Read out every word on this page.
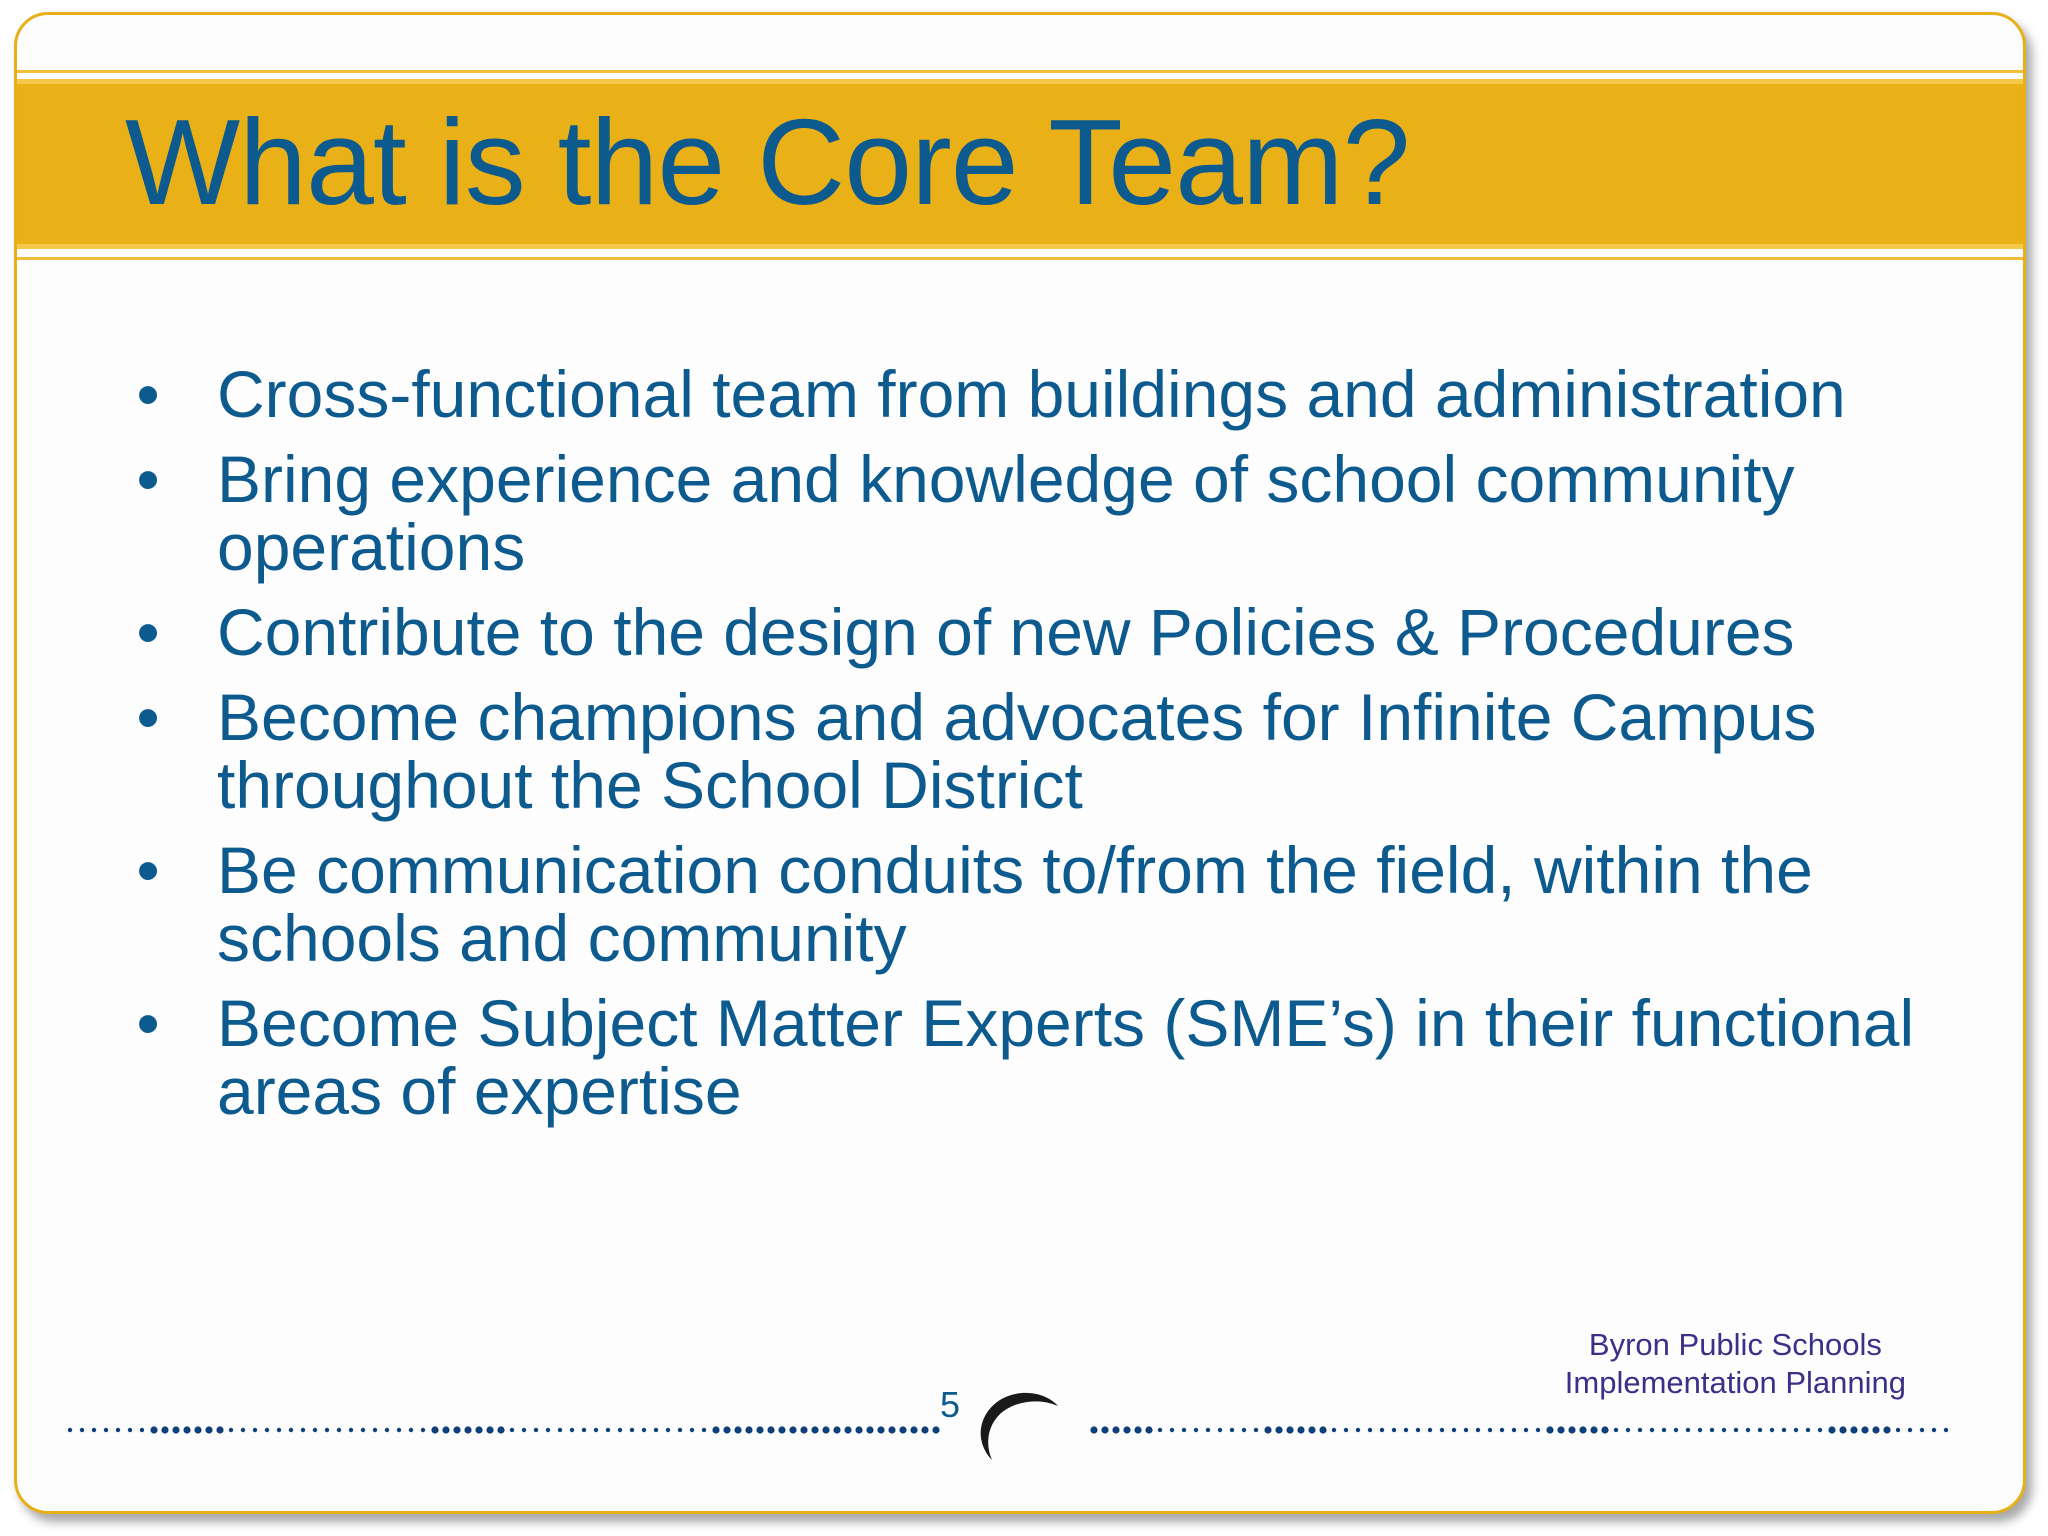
What is the Core Team?
• Cross-functional team from buildings and administration
• Bring experience and knowledge of school community operations
• Contribute to the design of new Policies & Procedures
• Become champions and advocates for Infinite Campus throughout the School District
• Be communication conduits to/from the field, within the schools and community
• Become Subject Matter Experts (SME’s) in their functional areas of expertise
Byron Public Schools
Implementation Planning
5
